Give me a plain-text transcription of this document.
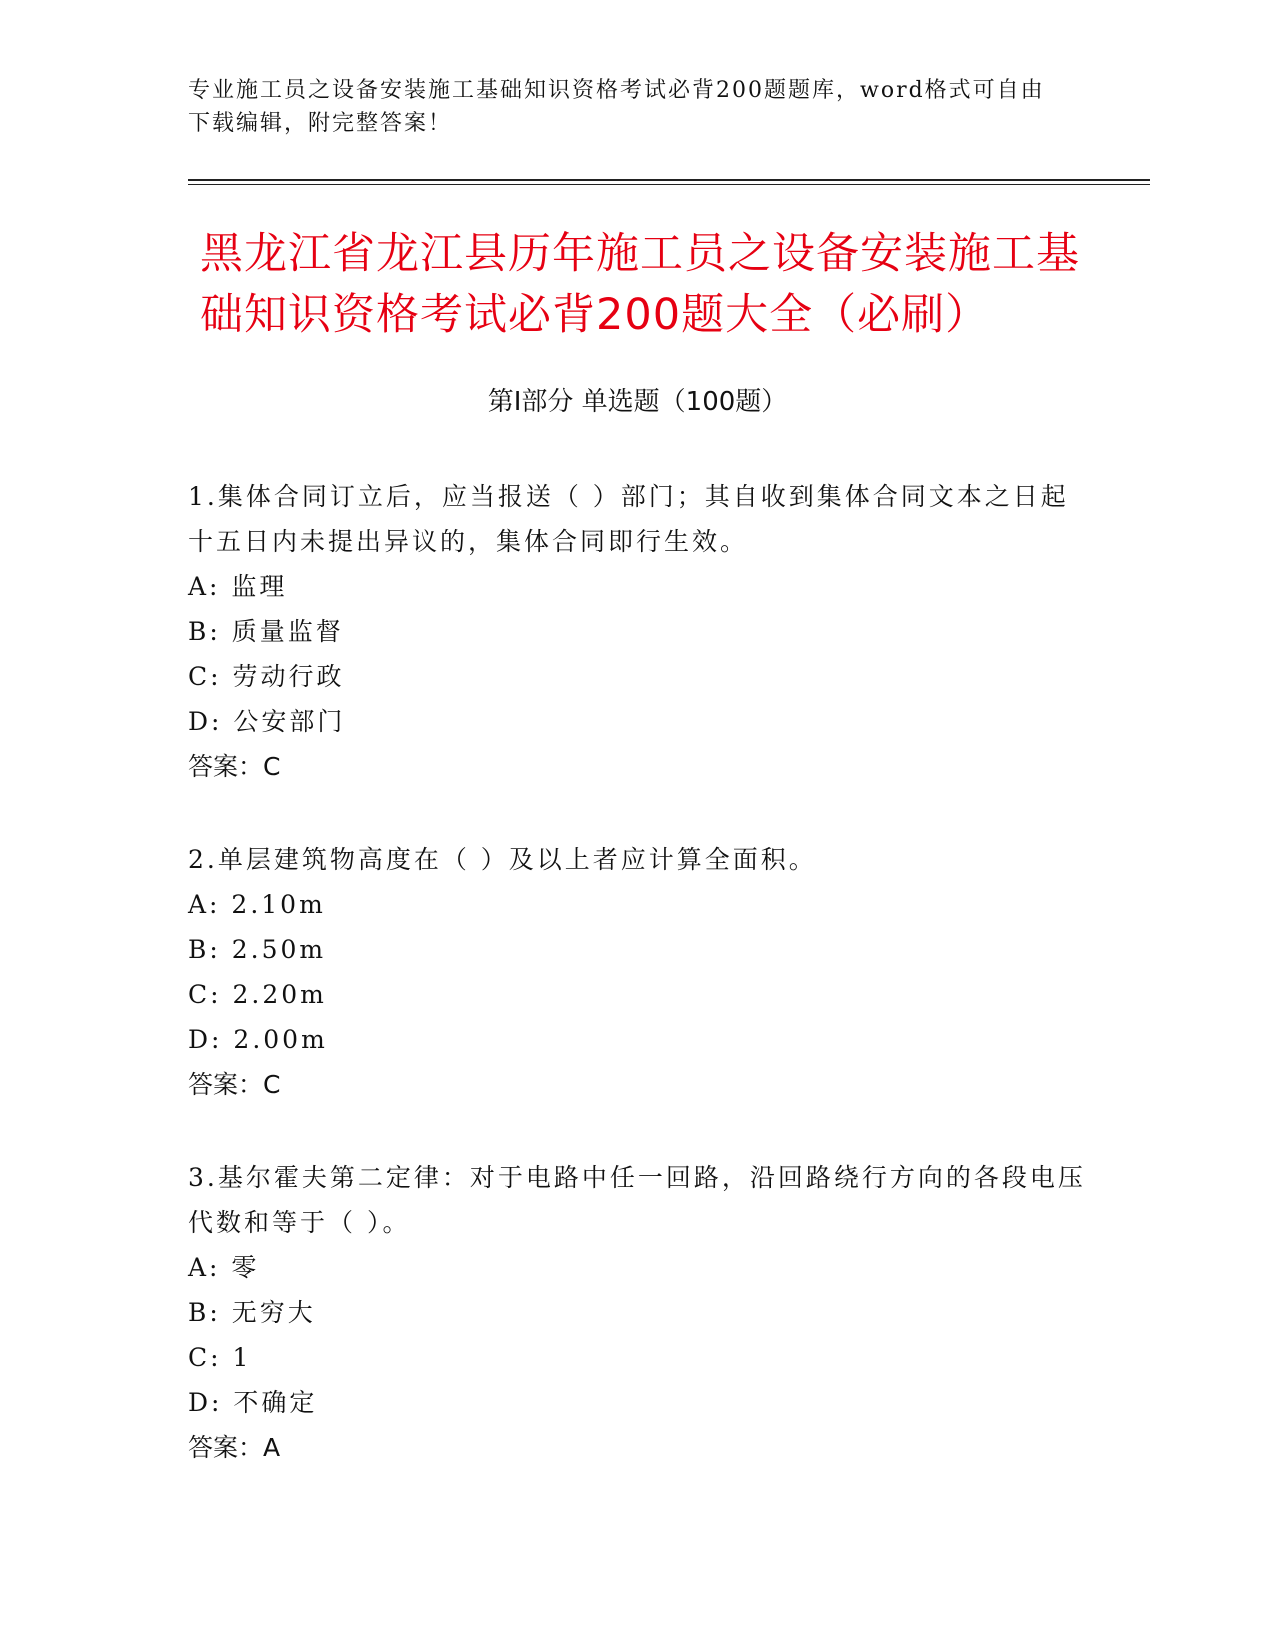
专业施工员之设备安装施工基础知识资格考试必背200题题库，word格式可自由下载编辑，附完整答案！
黑龙江省龙江县历年施工员之设备安装施工基础知识资格考试必背200题大全（必刷）
第Ⅰ部分 单选题（100题）
1.集体合同订立后，应当报送（ ）部门；其自收到集体合同文本之日起十五日内未提出异议的，集体合同即行生效。
A: 监理
B: 质量监督
C: 劳动行政
D: 公安部门
答案：C
2.单层建筑物高度在（ ）及以上者应计算全面积。
A: 2.10m
B: 2.50m
C: 2.20m
D: 2.00m
答案：C
3.基尔霍夫第二定律：对于电路中任一回路，沿回路绕行方向的各段电压代数和等于（ ）。
A: 零
B: 无穷大
C: 1
D: 不确定
答案：A
